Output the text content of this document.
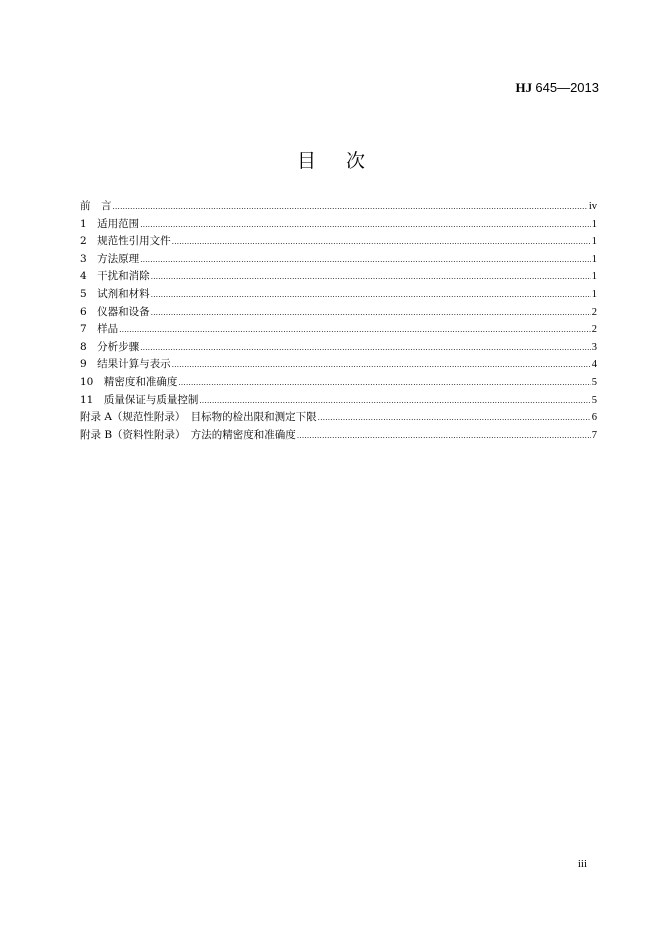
HJ 645—2013
目次
前　言 .....	iv
1　适用范围 .....	1
2　规范性引用文件 .....	1
3　方法原理 .....	1
4　干扰和消除 .....	1
5　试剂和材料 .....	1
6　仪器和设备 .....	2
7　样品 .....	2
8　分析步骤 .....	3
9　结果计算与表示 .....	4
10　精密度和准确度 .....	5
11　质量保证与质量控制 .....	5
附录 A（规范性附录）　目标物的检出限和测定下限 .....	6
附录 B（资料性附录）　方法的精密度和准确度 .....	7
iii
